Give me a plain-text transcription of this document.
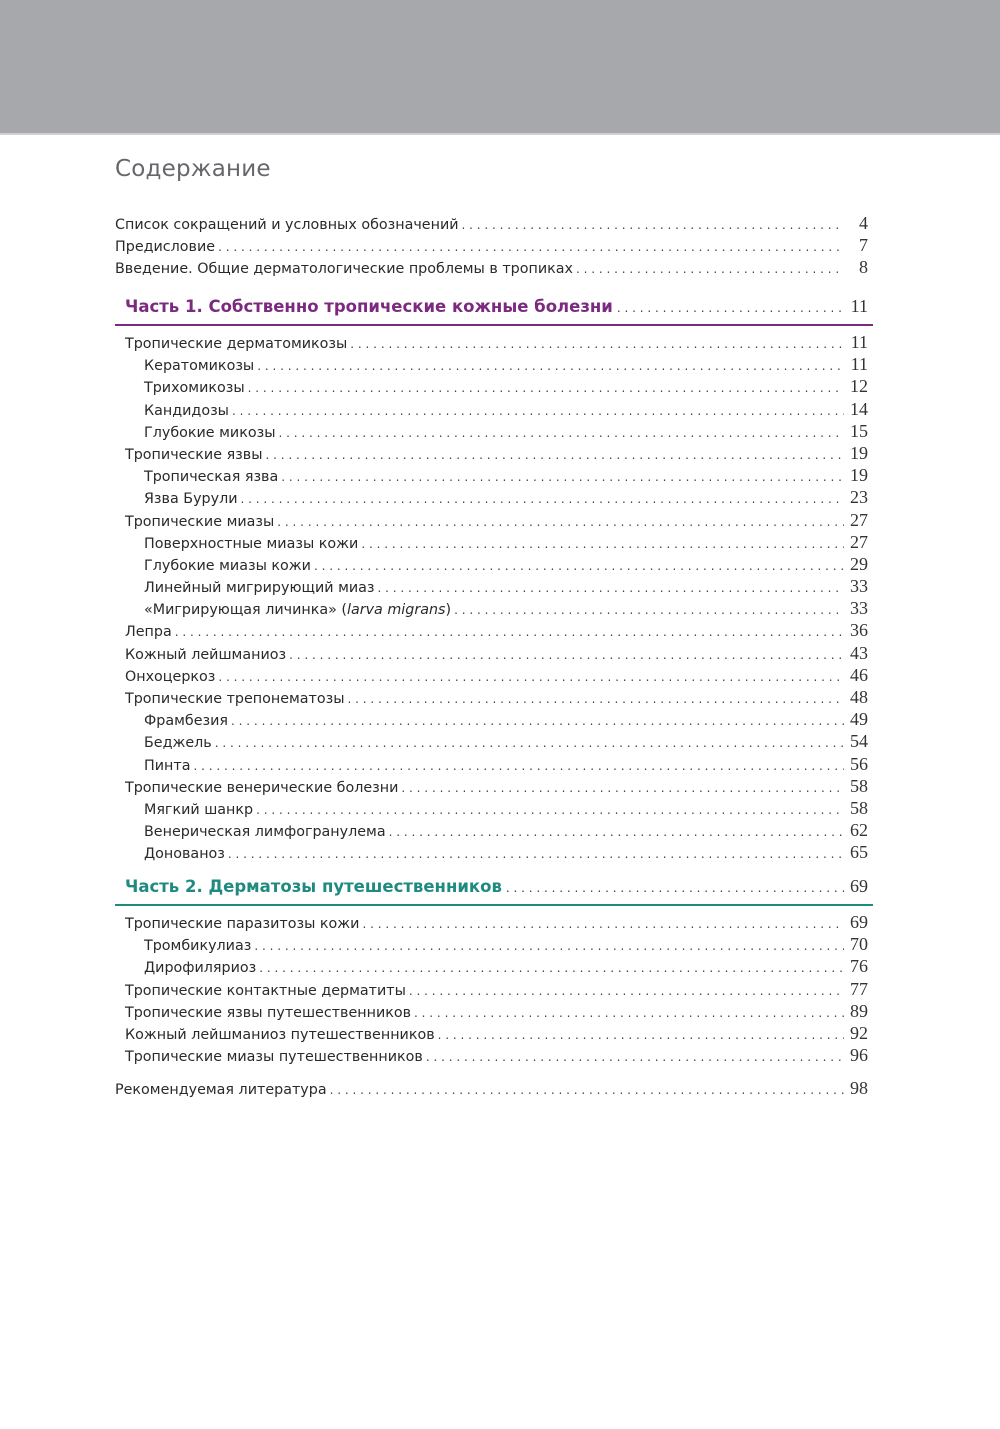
Содержание
Список сокращений и условных обозначений . . .	4
Предисловие . . .	7
Введение. Общие дерматологические проблемы в тропиках . . .	8
Часть 1. Собственно тропические кожные болезни . . .	11
Тропические дерматомикозы . . .	11
Кератомикозы . . .	11
Трихомикозы . . .	12
Кандидозы . . .	14
Глубокие микозы . . .	15
Тропические язвы . . .	19
Тропическая язва . . .	19
Язва Бурули . . .	23
Тропические миазы . . .	27
Поверхностные миазы кожи . . .	27
Глубокие миазы кожи . . .	29
Линейный мигрирующий миаз . . .	33
«Мигрирующая личинка» (larva migrans) . . .	33
Лепра . . .	36
Кожный лейшманиоз . . .	43
Онхоцеркоз . . .	46
Тропические трепонематозы . . .	48
Фрамбезия . . .	49
Беджель . . .	54
Пинта . . .	56
Тропические венерические болезни . . .	58
Мягкий шанкр . . .	58
Венерическая лимфогранулема . . .	62
Донованоз . . .	65
Часть 2. Дерматозы путешественников . . .	69
Тропические паразитозы кожи . . .	69
Тромбикулиаз . . .	70
Дирофиляриоз . . .	76
Тропические контактные дерматиты . . .	77
Тропические язвы путешественников . . .	89
Кожный лейшманиоз путешественников . . .	92
Тропические миазы путешественников . . .	96
Рекомендуемая литература . . .	98
